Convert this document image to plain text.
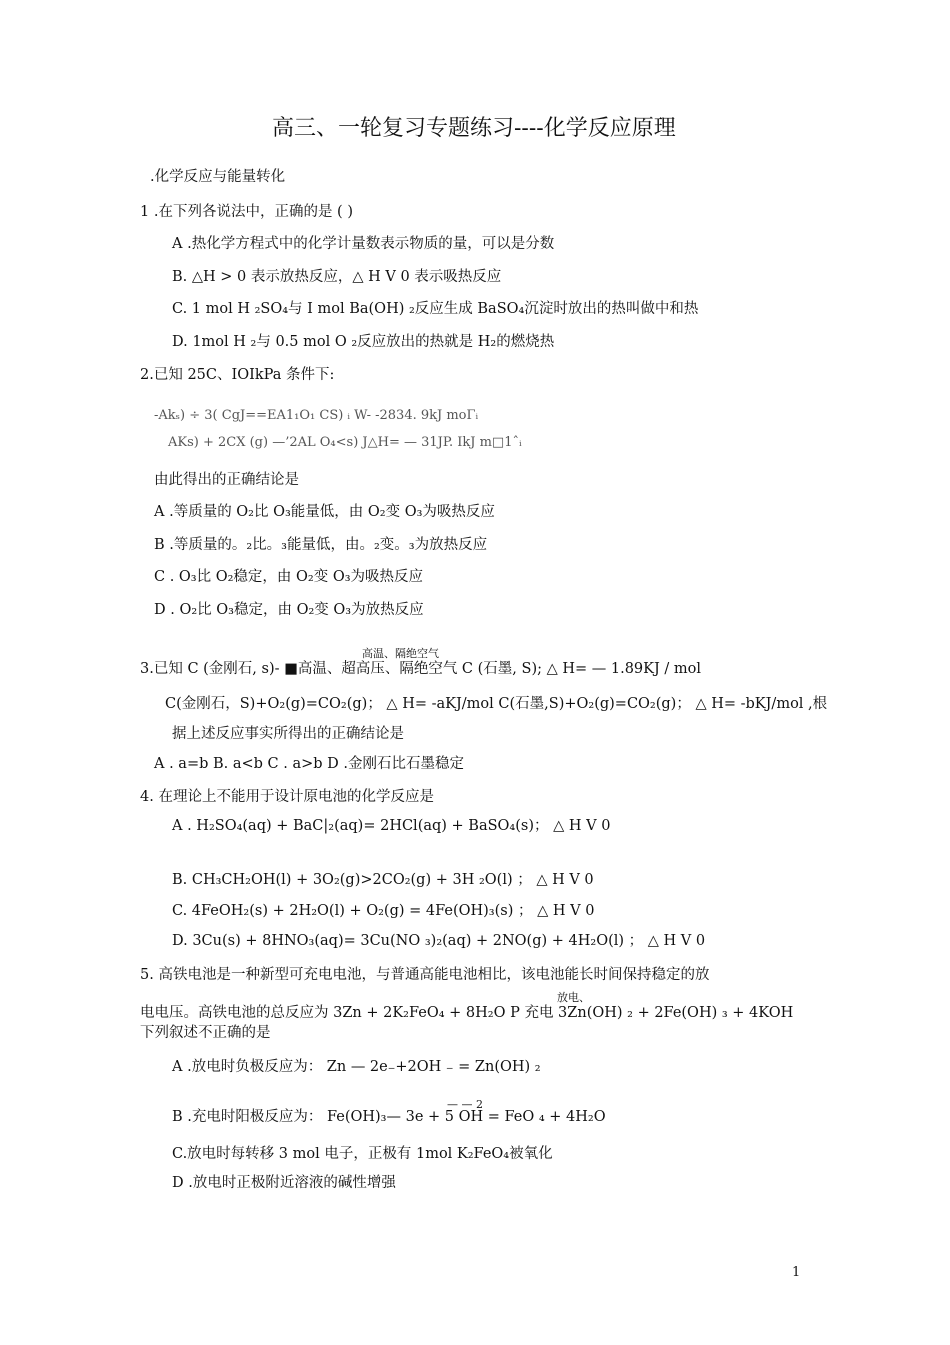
高三、一轮复习专题练习----化学反应原理
.化学反应与能量转化
1 .在下列各说法中，正确的是 ( )
A .热化学方程式中的化学计量数表示物质的量，可以是分数
B. △H > 0 表示放热反应，△ H V 0 表示吸热反应
C. 1 mol H ₂SO₄与 I mol Ba(OH) ₂反应生成 BaSO₄沉淀时放出的热叫做中和热
D. 1mol H ₂与 0.5 mol O ₂反应放出的热就是 H₂的燃烧热
2.已知 25C、IOIkPa 条件下:
-Akₛ) ÷ 3( CgJ==EA1₁O₁ CS) ᵢ W- -2834. 9kJ moΓᵢ
AKs) + 2CX (g) —’2AL O₄<s) J△H= — 31JP. IkJ m□1ˆᵢ
由此得出的正确结论是
A .等质量的 O₂比 O₃能量低，由 O₂变 O₃为吸热反应
B .等质量的。₂比。₃能量低，由。₂变。₃为放热反应
C . O₃比 O₂稳定，由 O₂变 O₃为吸热反应
D . O₂比 O₃稳定，由 O₂变 O₃为放热反应
高温、隔绝空气
3.已知 C (金刚石, s)- ■高温、超高压、隔绝空气 C (石墨, S); △ H= — 1.89KJ / mol
C(金刚石，S)+O₂(g)=CO₂(g)； △ H= -aKJ/mol C(石墨,S)+O₂(g)=CO₂(g)； △ H= -bKJ/mol ,根
据上述反应事实所得出的正确结论是
A . a=b B. a<b C . a>b D .金刚石比石墨稳定
4. 在理论上不能用于设计原电池的化学反应是
A . H₂SO₄(aq) + BaC|₂(aq)= 2HCl(aq) + BaSO₄(s)； △ H V 0
B. CH₃CH₂OH(l) + 3O₂(g)>2CO₂(g) + 3H ₂O(l) ； △ H V 0
C. 4FeOH₂(s) + 2H₂O(l) + O₂(g) = 4Fe(OH)₃(s) ； △ H V 0
D. 3Cu(s) + 8HNO₃(aq)= 3Cu(NO ₃)₂(aq) + 2NO(g) + 4H₂O(l) ； △ H V 0
5. 高铁电池是一种新型可充电电池，与普通高能电池相比，该电池能长时间保持稳定的放
放电、
电电压。高铁电池的总反应为 3Zn + 2K₂FeO₄ + 8H₂O P 充电 3Zn(OH) ₂ + 2Fe(OH) ₃ + 4KOH
下列叙述不正确的是
A .放电时负极反应为： Zn — 2e₋+2OH ₋ = Zn(OH) ₂
— — 2
B .充电时阳极反应为： Fe(OH)₃— 3e + 5 OH = FeO ₄ + 4H₂O
C.放电时每转移 3 mol 电子，正极有 1mol K₂FeO₄被氧化
D .放电时正极附近溶液的碱性增强
1
